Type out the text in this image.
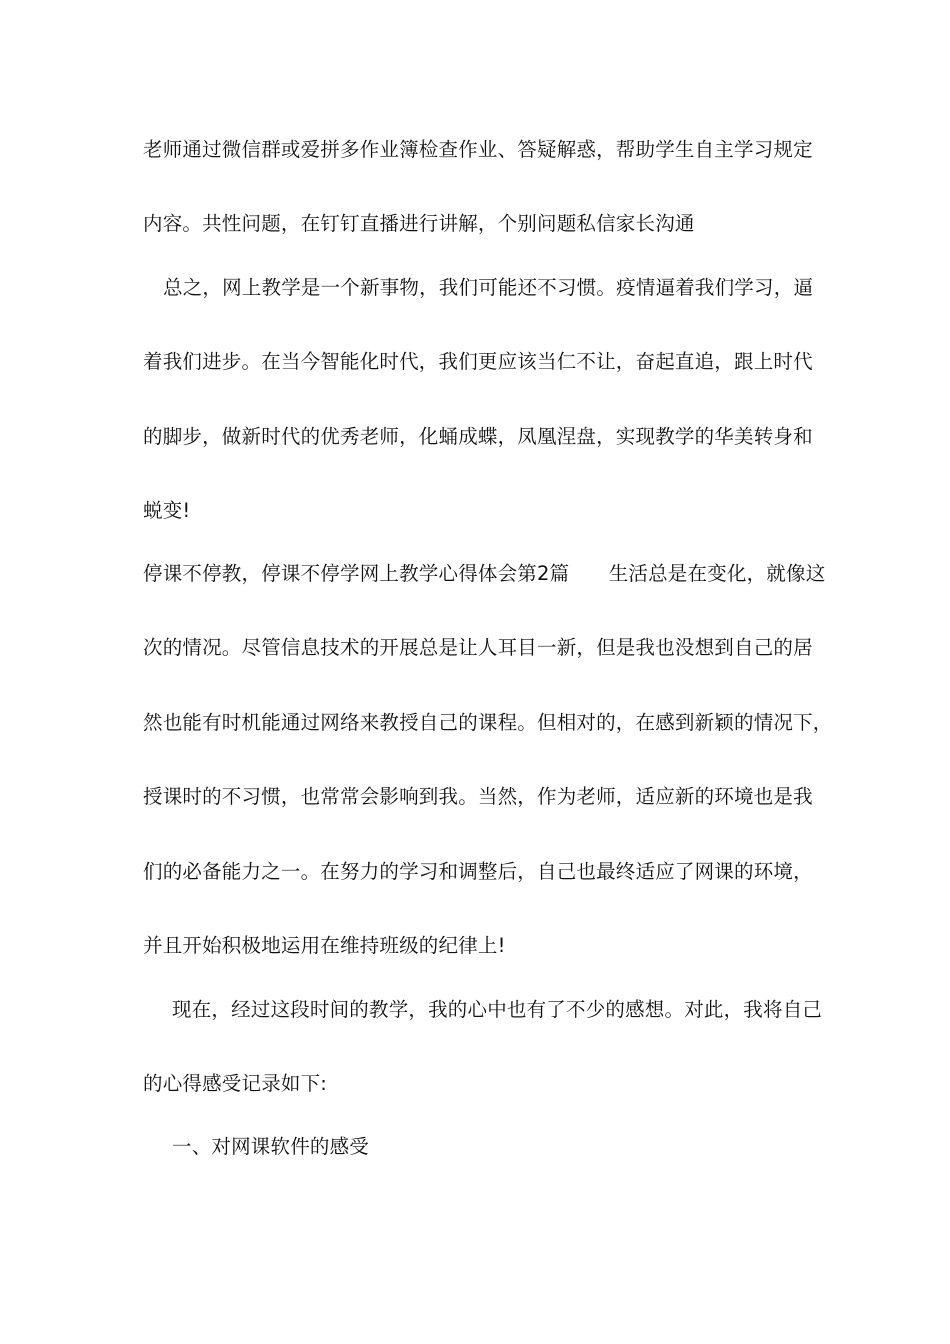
老师通过微信群或爱拼多作业簿检查作业、答疑解惑，帮助学生自主学习规定
内容。共性问题，在钉钉直播进行讲解，个别问题私信家长沟通
总之，网上教学是一个新事物，我们可能还不习惯。疫情逼着我们学习，逼
着我们进步。在当今智能化时代，我们更应该当仁不让，奋起直追，跟上时代
的脚步，做新时代的优秀老师，化蛹成蝶，凤凰涅盘，实现教学的华美转身和
蜕变!
停课不停教，停课不停学网上教学心得体会第2篇　　生活总是在变化，就像这
次的情况。尽管信息技术的开展总是让人耳目一新，但是我也没想到自己的居
然也能有时机能通过网络来教授自己的课程。但相对的，在感到新颖的情况下，
授课时的不习惯，也常常会影响到我。当然，作为老师，适应新的环境也是我
们的必备能力之一。在努力的学习和调整后，自己也最终适应了网课的环境，
并且开始积极地运用在维持班级的纪律上!
现在，经过这段时间的教学，我的心中也有了不少的感想。对此，我将自己
的心得感受记录如下:
一、对网课软件的感受
